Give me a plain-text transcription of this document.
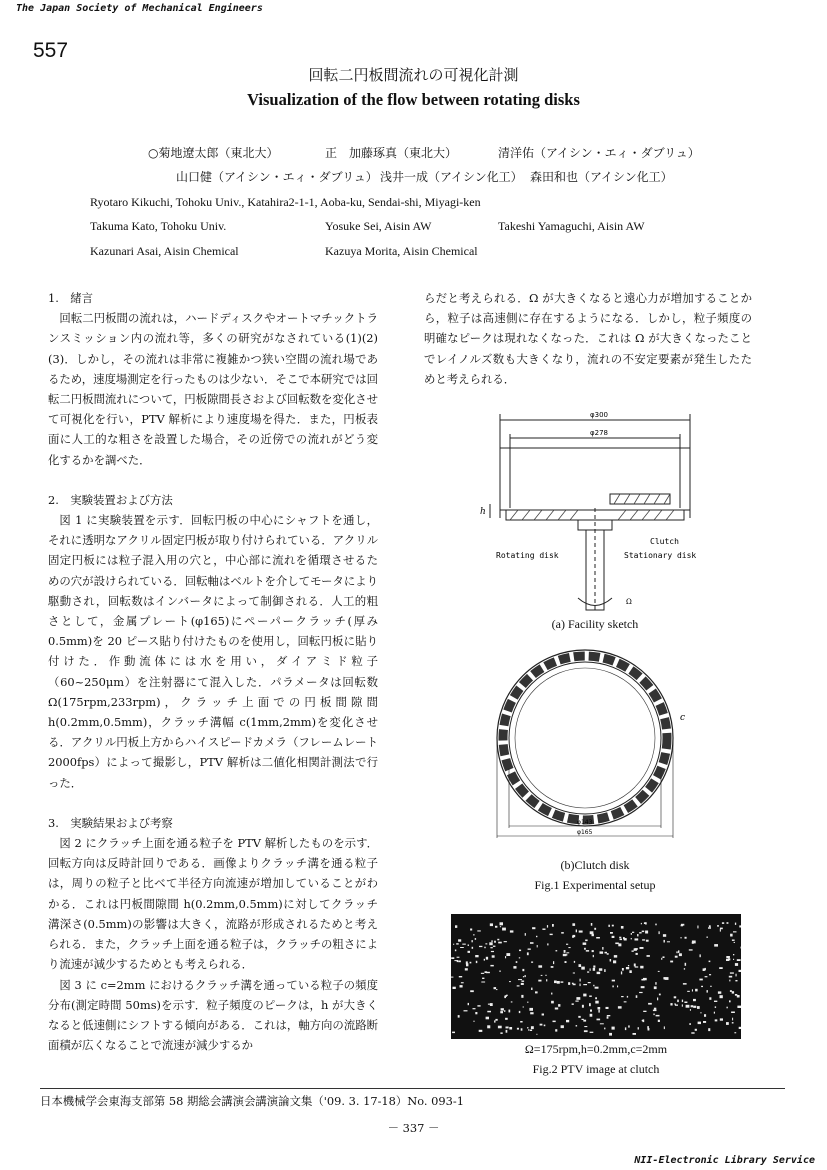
The Japan Society of Mechanical Engineers
557
回転二円板間流れの可視化計測
Visualization of the flow between rotating disks
○菊地遼太郎（東北大）	正　加藤琢真（東北大）	清洋佑（アイシン・エィ・ダブリュ）
山口健（アイシン・エィ・ダブリュ） 浅井一成（アイシン化工） 森田和也（アイシン化工）
Ryotaro Kikuchi, Tohoku Univ., Katahira2-1-1, Aoba-ku, Sendai-shi, Miyagi-ken
Takuma Kato, Tohoku Univ.	Yosuke Sei, Aisin AW	Takeshi Yamaguchi, Aisin AW
Kazunari Asai, Aisin Chemical	Kazuya Morita, Aisin Chemical
1.　緒言

回転二円板間の流れは，ハードディスクやオートマチックトランスミッション内の流れ等，多くの研究がなされている(1)(2)(3)．しかし，その流れは非常に複雑かつ狭い空間の流れ場であるため，速度場測定を行ったものは少ない．そこで本研究では回転二円板間流れについて，円板隙間長さおよび回転数を変化させて可視化を行い，PTV 解析により速度場を得た．また，円板表面に人工的な粗さを設置した場合，その近傍での流れがどう変化するかを調べた．

2.　実験装置および方法

図 1 に実験装置を示す．回転円板の中心にシャフトを通し，それに透明なアクリル固定円板が取り付けられている．アクリル固定円板には粒子混入用の穴と，中心部に流れを循環させるための穴が設けられている．回転軸はベルトを介してモータにより駆動され，回転数はインバータによって制御される．人工的粗さとして，金属プレート(φ165)にペーパークラッチ(厚み 0.5mm)を 20 ピース貼り付けたものを使用し，回転円板に貼り付けた．作動流体には水を用い，ダイアミド粒子（60~250μm）を注射器にて混入した．パラメータは回転数 Ω(175rpm,233rpm)，クラッチ上面での円板間隙間 h(0.2mm,0.5mm)，クラッチ溝幅 c(1mm,2mm)を変化させる．アクリル円板上方からハイスピードカメラ（フレームレート 2000fps）によって撮影し，PTV 解析は二値化相関計測法で行った．

3.　実験結果および考察

図 2 にクラッチ上面を通る粒子を PTV 解析したものを示す．回転方向は反時計回りである．画像よりクラッチ溝を通る粒子は，周りの粒子と比べて半径方向流速が増加していることがわかる．これは円板間隙間 h(0.2mm,0.5mm)に対してクラッチ溝深さ(0.5mm)の影響は大きく，流路が形成されるためと考えられる．また，クラッチ上面を通る粒子は，クラッチの粗さにより流速が減少するためとも考えられる．

図 3 に c=2mm におけるクラッチ溝を通っている粒子の頻度分布(測定時間 50ms)を示す．粒子頻度のピークは，h が大きくなると低速側にシフトする傾向がある．これは，軸方向の流路断面積が広くなることで流速が減少するか

らだと考えられる．Ω が大きくなると遠心力が増加することから，粒子は高速側に存在するようになる．しかし，粒子頻度の明確なピークは現れなくなった．これは Ω が大きくなったことでレイノルズ数も大きくなり，流れの不安定要素が発生したためと考えられる．

φ300
φ278
h
Clutch
Rotating disk	Stationary disk
Ω
(a) Facility sketch
c
φ143
φ165
(b)Clutch disk
Fig.1 Experimental setup
Ω=175rpm,h=0.2mm,c=2mm
Fig.2 PTV image at clutch
日本機械学会東海支部第 58 期総会講演会講演論文集（'09. 3. 17-18）No. 093-1
－ 337 －
NII-Electronic Library Service
